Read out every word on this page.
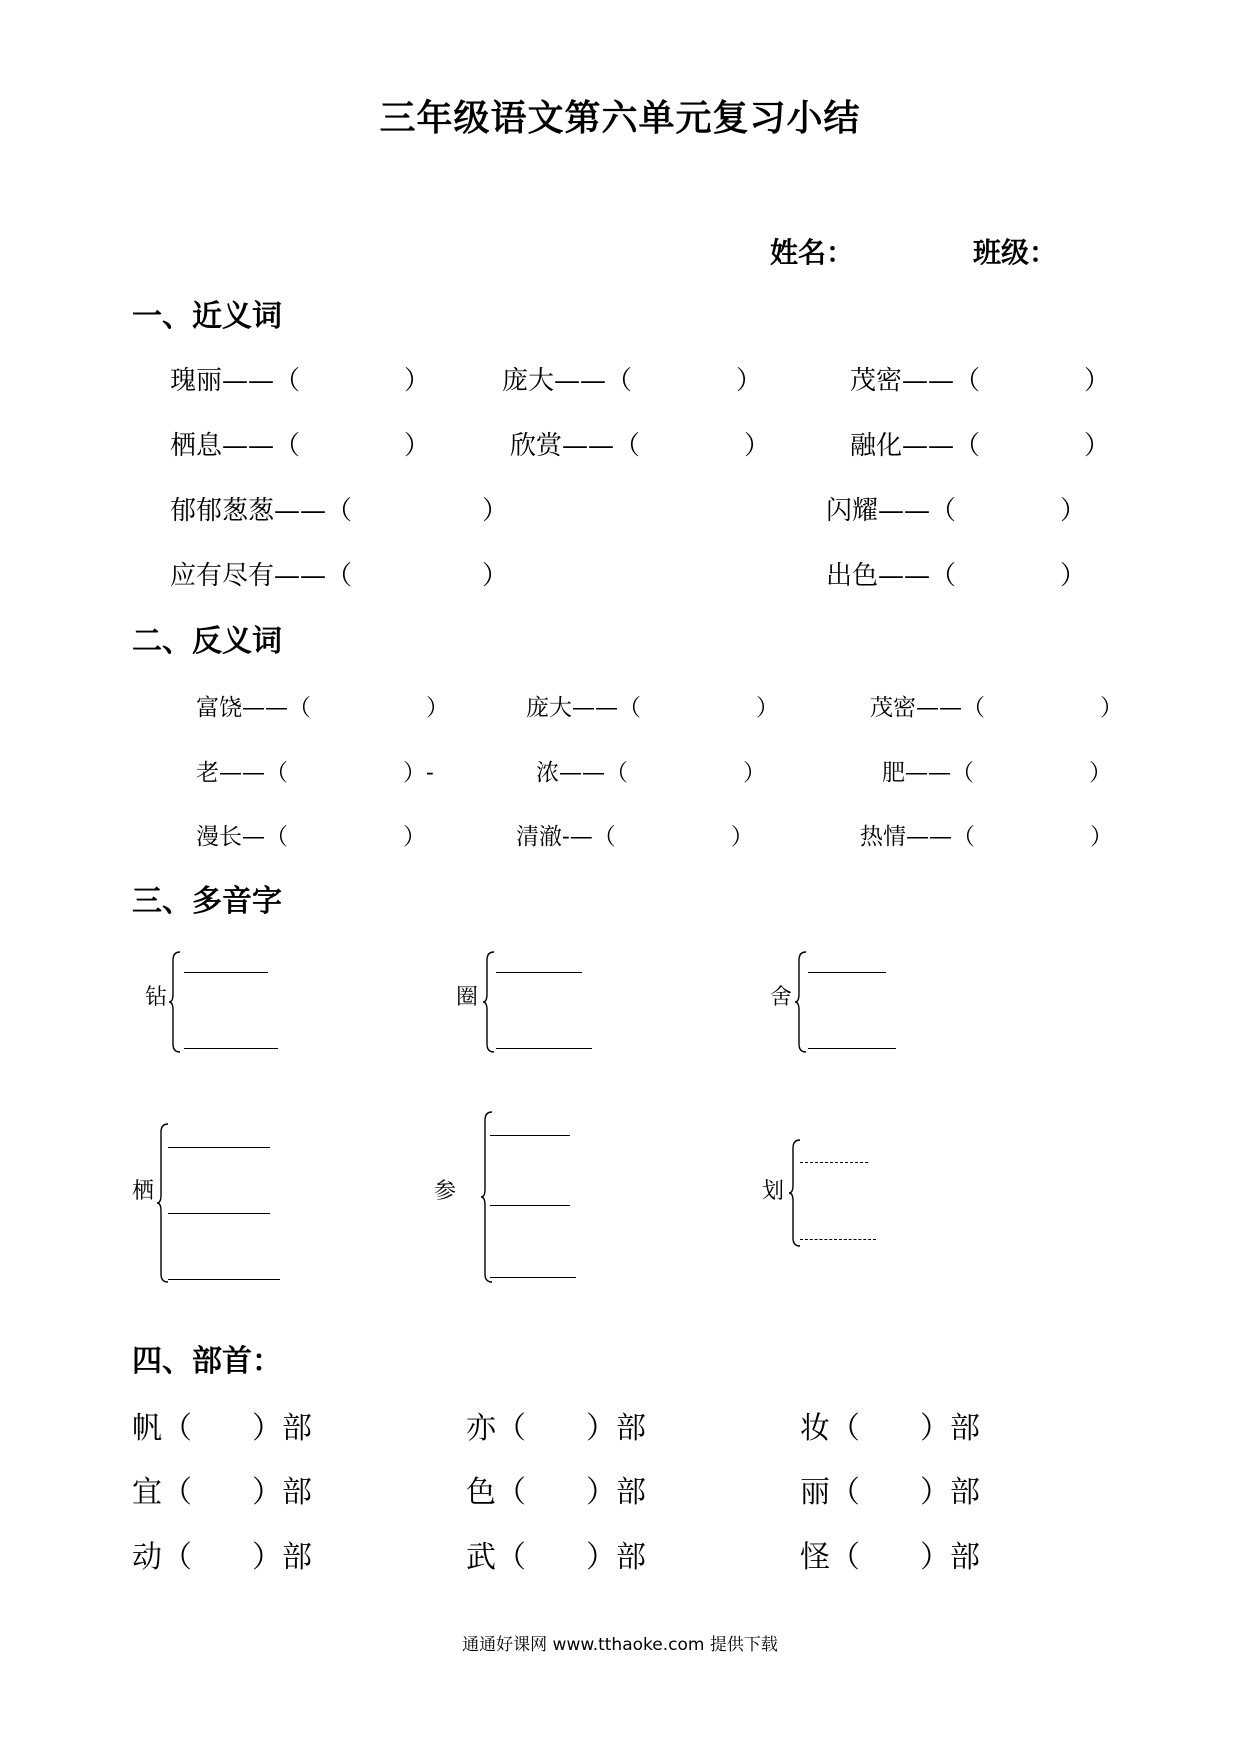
三年级语文第六单元复习小结
姓名：	班级：
一、近义词
瑰丽——（　　　　）	庞大——（　　　　）	茂密——（　　　　）
栖息——（　　　　）	欣赏——（　　　　）	融化——（　　　　）
郁郁葱葱——（　　　　　）	闪耀——（　　　　）
应有尽有——（　　　　　）	出色——（　　　　）
二、反义词
富饶——（　　　　　）	庞大——（　　　　　）	茂密——（　　　　　）
老——（　　　　　）-	浓——（　　　　　）	肥——（　　　　　）
漫长—（　　　　　）	清澈-—（　　　　　）	热情——（　　　　　）
三、多音字
钻	圈	舍
栖	参	划
四、部首：
帆（　　）部	亦（　　）部	妆（　　）部
宜（　　）部	色（　　）部	丽（　　）部
动（　　）部	武（　　）部	怪（　　）部
通通好课网 www.tthaoke.com 提供下载
